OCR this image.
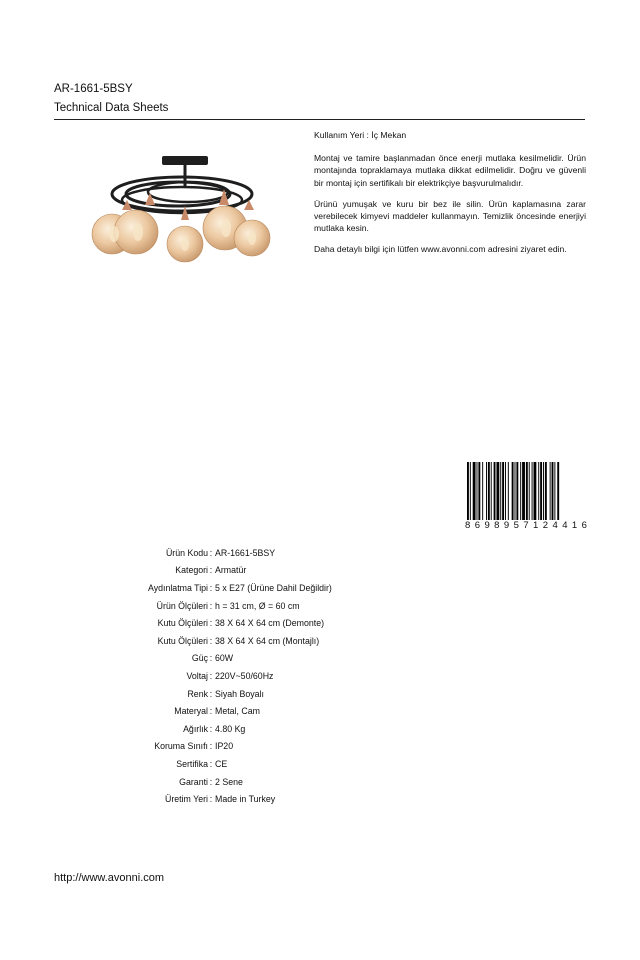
AR-1661-5BSY
Technical Data Sheets

Kullanım Yeri : İç Mekan

Montaj ve tamire başlanmadan önce enerji mutlaka kesilmelidir. Ürün montajında topraklamaya mutlaka dikkat edilmelidir. Doğru ve güvenli bir montaj için sertifikalı bir elektrikçiye başvurulmalıdır.

Ürünü yumuşak ve kuru bir bez ile silin. Ürün kaplamasına zarar verebilecek kimyevi maddeler kullanmayın. Temizlik öncesinde enerjiyi mutlaka kesin.

Daha detaylı bilgi için lütfen www.avonni.com adresini ziyaret edin.

8 6 9 8 9 5 7 1 2 4 4 1 6
Ürün Kodu : AR-1661-5BSY
Kategori : Armatür
Aydınlatma Tipi : 5 x E27 (Ürüne Dahil Değildir)
Ürün Ölçüleri : h = 31 cm, Ø = 60 cm
Kutu Ölçüleri : 38 X 64 X 64 cm (Demonte)
Kutu Ölçüleri : 38 X 64 X 64 cm (Montajlı)
Güç : 60W
Voltaj : 220V~50/60Hz
Renk : Siyah Boyalı
Materyal : Metal, Cam
Ağırlık : 4.80 Kg
Koruma Sınıfı : IP20
Sertifika : CE
Garanti : 2 Sene
Üretim Yeri : Made in Turkey
http://www.avonni.com
